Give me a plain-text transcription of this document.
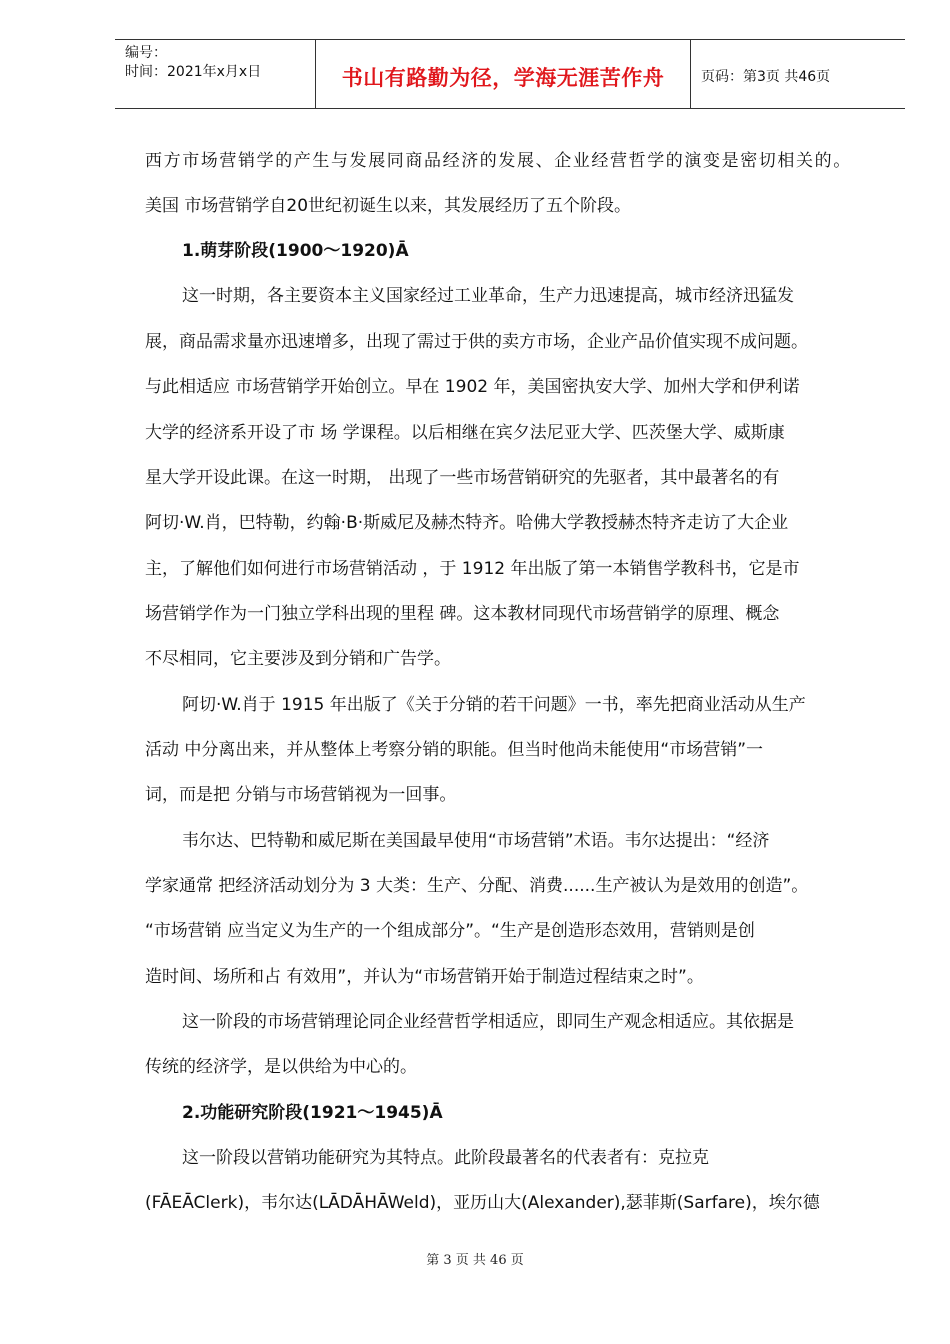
编号：
时间：2021年x月x日	书山有路勤为径，学海无涯苦作舟	页码：第3页 共46页
西方市场营销学的产生与发展同商品经济的发展、企业经营哲学的演变是密切相关的。
美国 市场营销学自20世纪初诞生以来，其发展经历了五个阶段。
1.萌芽阶段(1900～1920)Ā
这一时期，各主要资本主义国家经过工业革命，生产力迅速提高，城市经济迅猛发
展，商品需求量亦迅速增多，出现了需过于供的卖方市场，企业产品价值实现不成问题。
与此相适应 市场营销学开始创立。早在 1902 年，美国密执安大学、加州大学和伊利诺
大学的经济系开设了市 场 学课程。以后相继在宾夕法尼亚大学、匹茨堡大学、威斯康
星大学开设此课。在这一时期， 出现了一些市场营销研究的先驱者，其中最著名的有
阿切·W.肖，巴特勒，约翰·B·斯威尼及赫杰特齐。哈佛大学教授赫杰特齐走访了大企业
主，了解他们如何进行市场营销活动 ，于 1912 年出版了第一本销售学教科书，它是市
场营销学作为一门独立学科出现的里程 碑。这本教材同现代市场营销学的原理、概念
不尽相同，它主要涉及到分销和广告学。
阿切·W.肖于 1915 年出版了《关于分销的若干问题》一书，率先把商业活动从生产
活动 中分离出来，并从整体上考察分销的职能。但当时他尚未能使用“市场营销”一
词，而是把 分销与市场营销视为一回事。
韦尔达、巴特勒和威尼斯在美国最早使用“市场营销”术语。韦尔达提出：“经济
学家通常 把经济活动划分为 3 大类：生产、分配、消费......生产被认为是效用的创造”。
“市场营销 应当定义为生产的一个组成部分”。“生产是创造形态效用，营销则是创
造时间、场所和占 有效用”，并认为“市场营销开始于制造过程结束之时”。
这一阶段的市场营销理论同企业经营哲学相适应，即同生产观念相适应。其依据是
传统的经济学，是以供给为中心的。
2.功能研究阶段(1921～1945)Ā
这一阶段以营销功能研究为其特点。此阶段最著名的代表者有：克拉克
(FĀEĀClerk)，韦尔达(LĀDĀHĀWeld)，亚历山大(Alexander),瑟菲斯(Sarfare)，埃尔德
第 3 页 共 46 页
